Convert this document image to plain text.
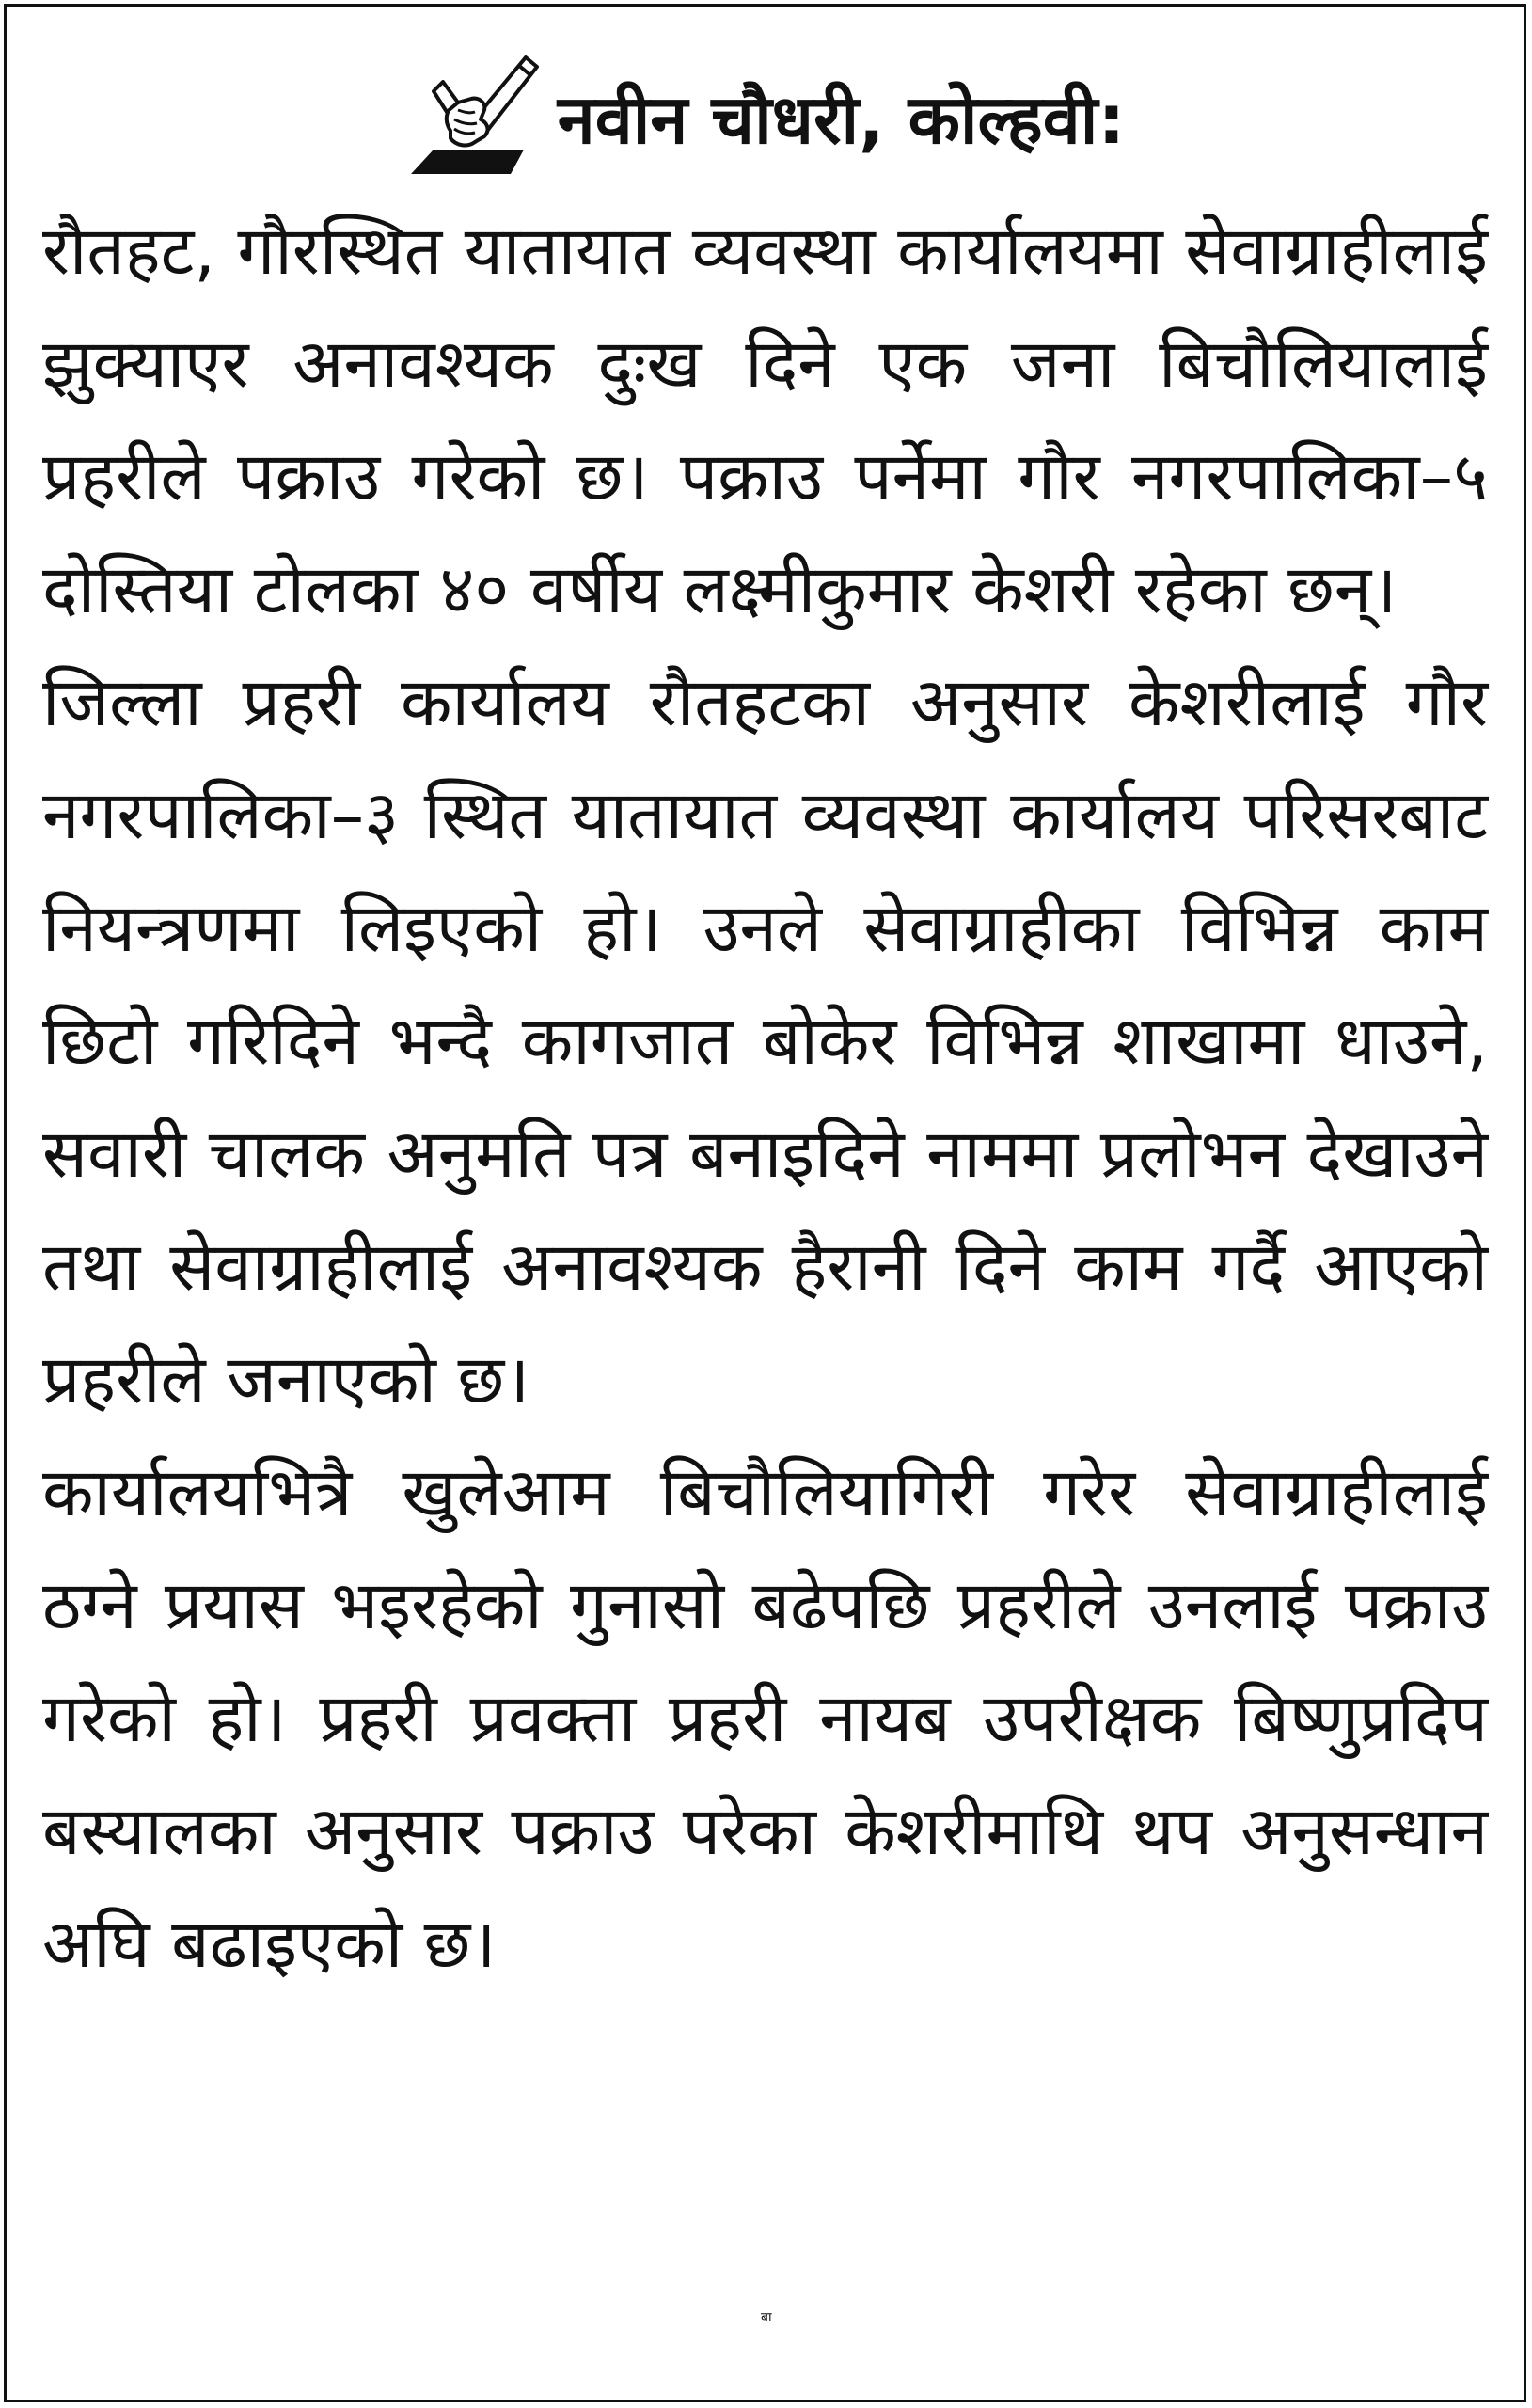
नवीन चौधरी, कोल्हवी:

रौतहट, गौरस्थित यातायात व्यवस्था कार्यालयमा सेवाग्राहीलाई झुक्याएर अनावश्यक दुःख दिने एक जना बिचौलियालाई प्रहरीले पक्राउ गरेको छ। पक्राउ पर्नेमा गौर नगरपालिका–५ दोस्तिया टोलका ४० वर्षीय लक्ष्मीकुमार केशरी रहेका छन्।

जिल्ला प्रहरी कार्यालय रौतहटका अनुसार केशरीलाई गौर नगरपालिका–३ स्थित यातायात व्यवस्था कार्यालय परिसरबाट नियन्त्रणमा लिइएको हो। उनले सेवाग्राहीका विभिन्न काम छिटो गरिदिने भन्दै कागजात बोकेर विभिन्न शाखामा धाउने, सवारी चालक अनुमति पत्र बनाइदिने नाममा प्रलोभन देखाउने तथा सेवाग्राहीलाई अनावश्यक हैरानी दिने काम गर्दै आएको प्रहरीले जनाएको छ।

कार्यालयभित्रै खुलेआम बिचौलियागिरी गरेर सेवाग्राहीलाई ठग्ने प्रयास भइरहेको गुनासो बढेपछि प्रहरीले उनलाई पक्राउ गरेको हो। प्रहरी प्रवक्ता प्रहरी नायब उपरीक्षक बिष्णुप्रदिप बस्यालका अनुसार पक्राउ परेका केशरीमाथि थप अनुसन्धान अघि बढाइएको छ।

बा
